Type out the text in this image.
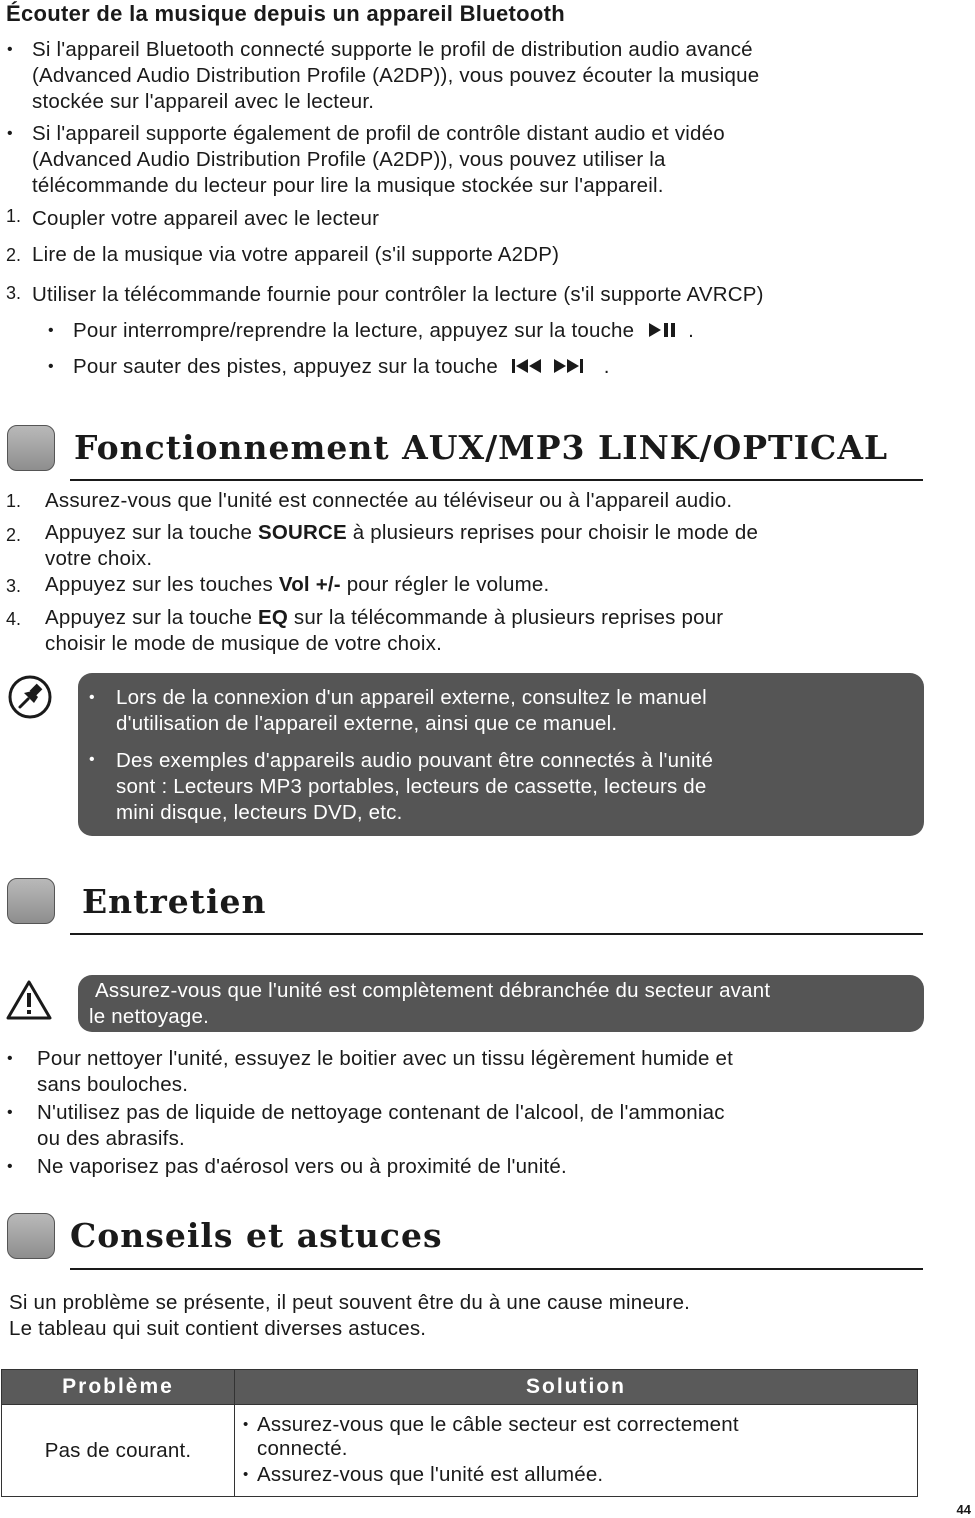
Écouter de la musique depuis un appareil Bluetooth
• Si l'appareil Bluetooth connecté supporte le profil de distribution audio avancé
(Advanced Audio Distribution Profile (A2DP)), vous pouvez écouter la musique
stockée sur l'appareil avec le lecteur.
• Si l'appareil supporte également de profil de contrôle distant audio et vidéo
(Advanced Audio Distribution Profile (A2DP)), vous pouvez utiliser la
télécommande du lecteur pour lire la musique stockée sur l'appareil.
1. Coupler votre appareil avec le lecteur
2. Lire de la musique via votre appareil (s'il supporte A2DP)
3. Utiliser la télécommande fournie pour contrôler la lecture (s'il supporte AVRCP)
• Pour interrompre/reprendre la lecture, appuyez sur la touche	.
• Pour sauter des pistes, appuyez sur la touche	.
Fonctionnement AUX/MP3 LINK/OPTICAL
1. Assurez-vous que l'unité est connectée au téléviseur ou à l'appareil audio.
2. Appuyez sur la touche SOURCE à plusieurs reprises pour choisir le mode de
votre choix.
3. Appuyez sur les touches Vol +/- pour régler le volume.
4. Appuyez sur la touche EQ sur la télécommande à plusieurs reprises pour
choisir le mode de musique de votre choix.
• Lors de la connexion d'un appareil externe, consultez le manuel
d'utilisation de l'appareil externe, ainsi que ce manuel.
• Des exemples d'appareils audio pouvant être connectés à l'unité
sont : Lecteurs MP3 portables, lecteurs de cassette, lecteurs de
mini disque, lecteurs DVD, etc.
Entretien
Assurez-vous que l'unité est complètement débranchée du secteur avant
le nettoyage.
• Pour nettoyer l'unité, essuyez le boitier avec un tissu légèrement humide et
sans bouloches.
• N'utilisez pas de liquide de nettoyage contenant de l'alcool, de l'ammoniac
ou des abrasifs.
• Ne vaporisez pas d'aérosol vers ou à proximité de l'unité.
Conseils et astuces
Si un problème se présente, il peut souvent être du à une cause mineure.
Le tableau qui suit contient diverses astuces.
Problème	Solution
Pas de courant.	• Assurez-vous que le câble secteur est correctement
connecté.
• Assurez-vous que l'unité est allumée.
44
